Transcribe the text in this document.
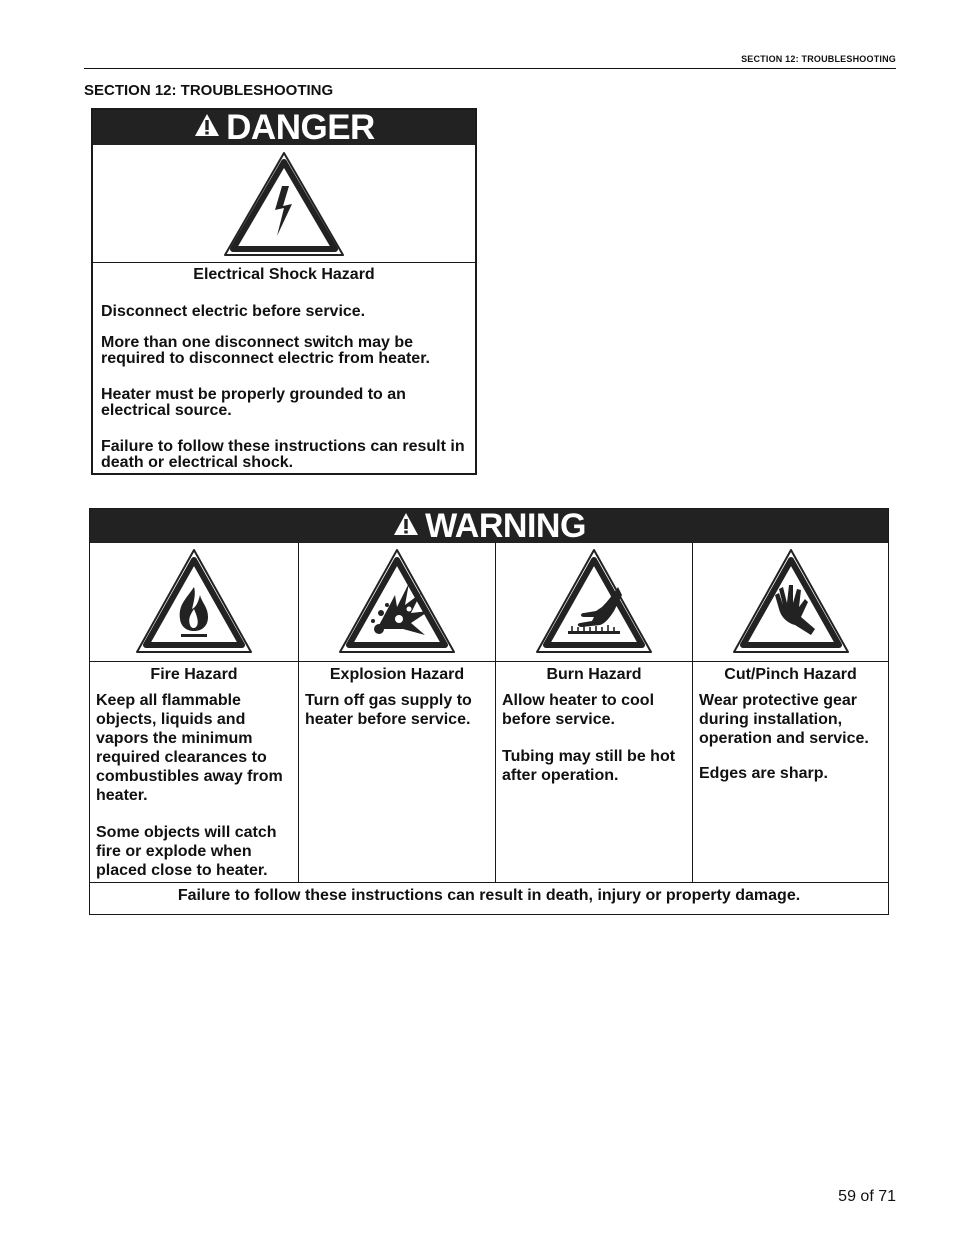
SECTION 12: TROUBLESHOOTING
SECTION 12: TROUBLESHOOTING
DANGER
Electrical Shock Hazard

Disconnect electric before service.

More than one disconnect switch may be required to disconnect electric from heater.

Heater must be properly grounded to an electrical source.

Failure to follow these instructions can result in death or electrical shock.

WARNING
Fire Hazard

Keep all flammable objects, liquids and vapors the minimum required clearances to combustibles away from heater.

Some objects will catch fire or explode when placed close to heater.

Explosion Hazard

Turn off gas supply to heater before service.

Burn Hazard

Allow heater to cool before service.

Tubing may still be hot after operation.

Cut/Pinch Hazard

Wear protective gear during installation, operation and service.

Edges are sharp.

Failure to follow these instructions can result in death, injury or property damage.
59 of 71
